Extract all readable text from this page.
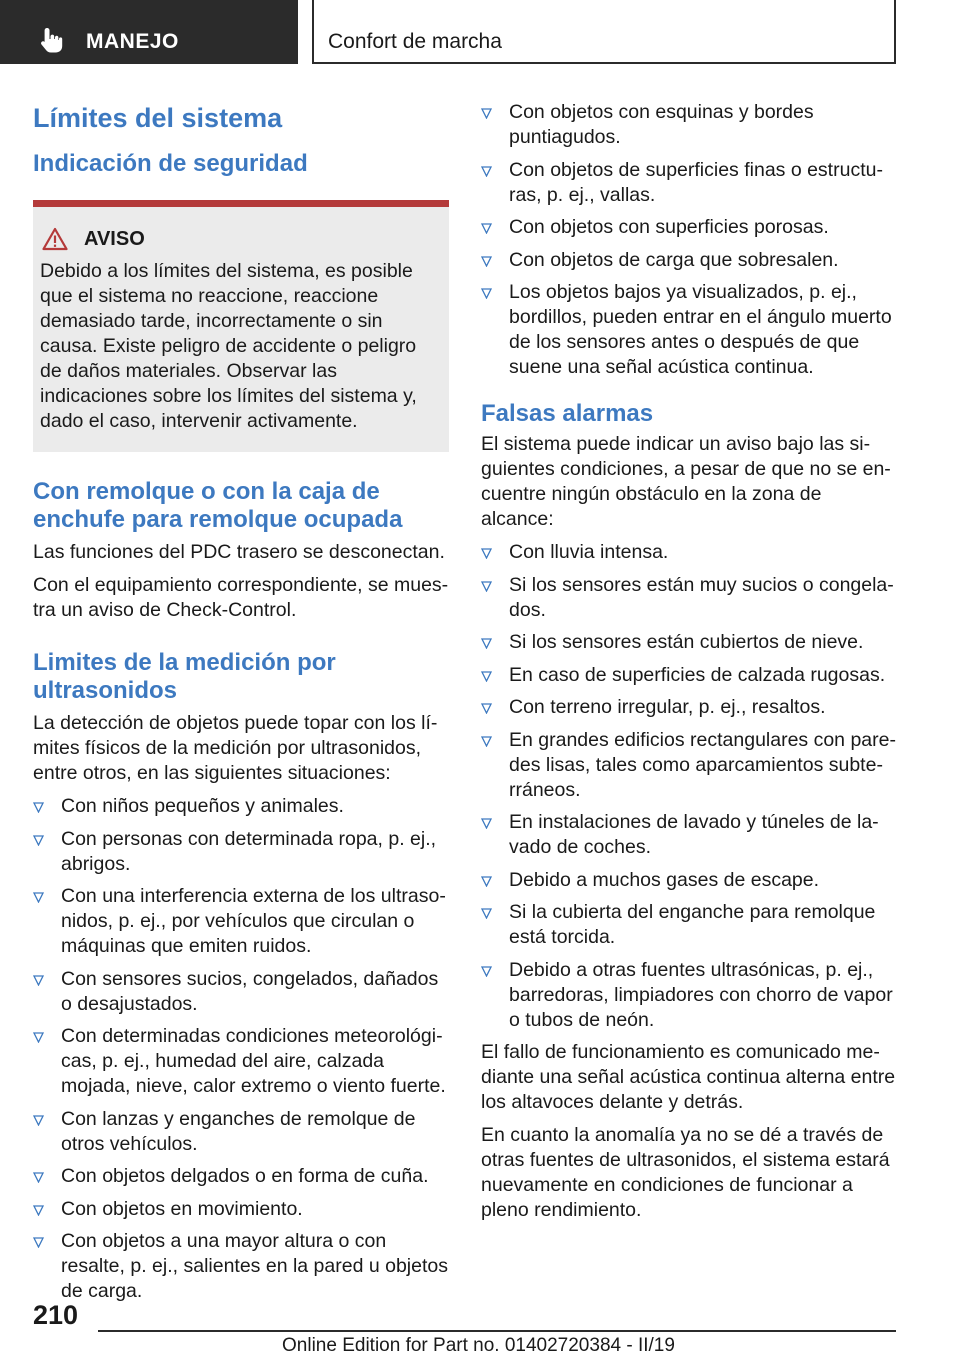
MANEJO	Confort de marcha
Límites del sistema
Indicación de seguridad
AVISO

Debido a los límites del sistema, es posible que el sistema no reaccione, reaccione demasiado tarde, incorrectamente o sin causa. Existe peligro de accidente o peligro de daños materiales. Observar las indicaciones sobre los límites del sistema y, dado el caso, intervenir activamente.

Con remolque o con la caja de enchufe para remolque ocupada

Las funciones del PDC trasero se desconectan.

Con el equipamiento correspondiente, se muestra un aviso de Check-Control.

Limites de la medición por ultrasonidos

La detección de objetos puede topar con los límites físicos de la medición por ultrasonidos, entre otros, en las siguientes situaciones:

Con niños pequeños y animales.
Con personas con determinada ropa, p. ej., abrigos.
Con una interferencia externa de los ultrasonidos, p. ej., por vehículos que circulan o máquinas que emiten ruidos.
Con sensores sucios, congelados, dañados o desajustados.
Con determinadas condiciones meteorológicas, p. ej., humedad del aire, calzada mojada, nieve, calor extremo o viento fuerte.
Con lanzas y enganches de remolque de otros vehículos.
Con objetos delgados o en forma de cuña.
Con objetos en movimiento.
Con objetos a una mayor altura o con resalte, p. ej., salientes en la pared u objetos de carga.
Con objetos con esquinas y bordes puntiagudos.
Con objetos de superficies finas o estructuras, p. ej., vallas.
Con objetos con superficies porosas.
Con objetos de carga que sobresalen.
Los objetos bajos ya visualizados, p. ej., bordillos, pueden entrar en el ángulo muerto de los sensores antes o después de que suene una señal acústica continua.
Falsas alarmas

El sistema puede indicar un aviso bajo las siguientes condiciones, a pesar de que no se encuentre ningún obstáculo en la zona de alcance:

Con lluvia intensa.
Si los sensores están muy sucios o congelados.
Si los sensores están cubiertos de nieve.
En caso de superficies de calzada rugosas.
Con terreno irregular, p. ej., resaltos.
En grandes edificios rectangulares con paredes lisas, tales como aparcamientos subterráneos.
En instalaciones de lavado y túneles de lavado de coches.
Debido a muchos gases de escape.
Si la cubierta del enganche para remolque está torcida.
Debido a otras fuentes ultrasónicas, p. ej., barredoras, limpiadores con chorro de vapor o tubos de neón.

El fallo de funcionamiento es comunicado mediante una señal acústica continua alterna entre los altavoces delante y detrás.

En cuanto la anomalía ya no se dé a través de otras fuentes de ultrasonidos, el sistema estará nuevamente en condiciones de funcionar a pleno rendimiento.

210
Online Edition for Part no. 01402720384 - II/19
